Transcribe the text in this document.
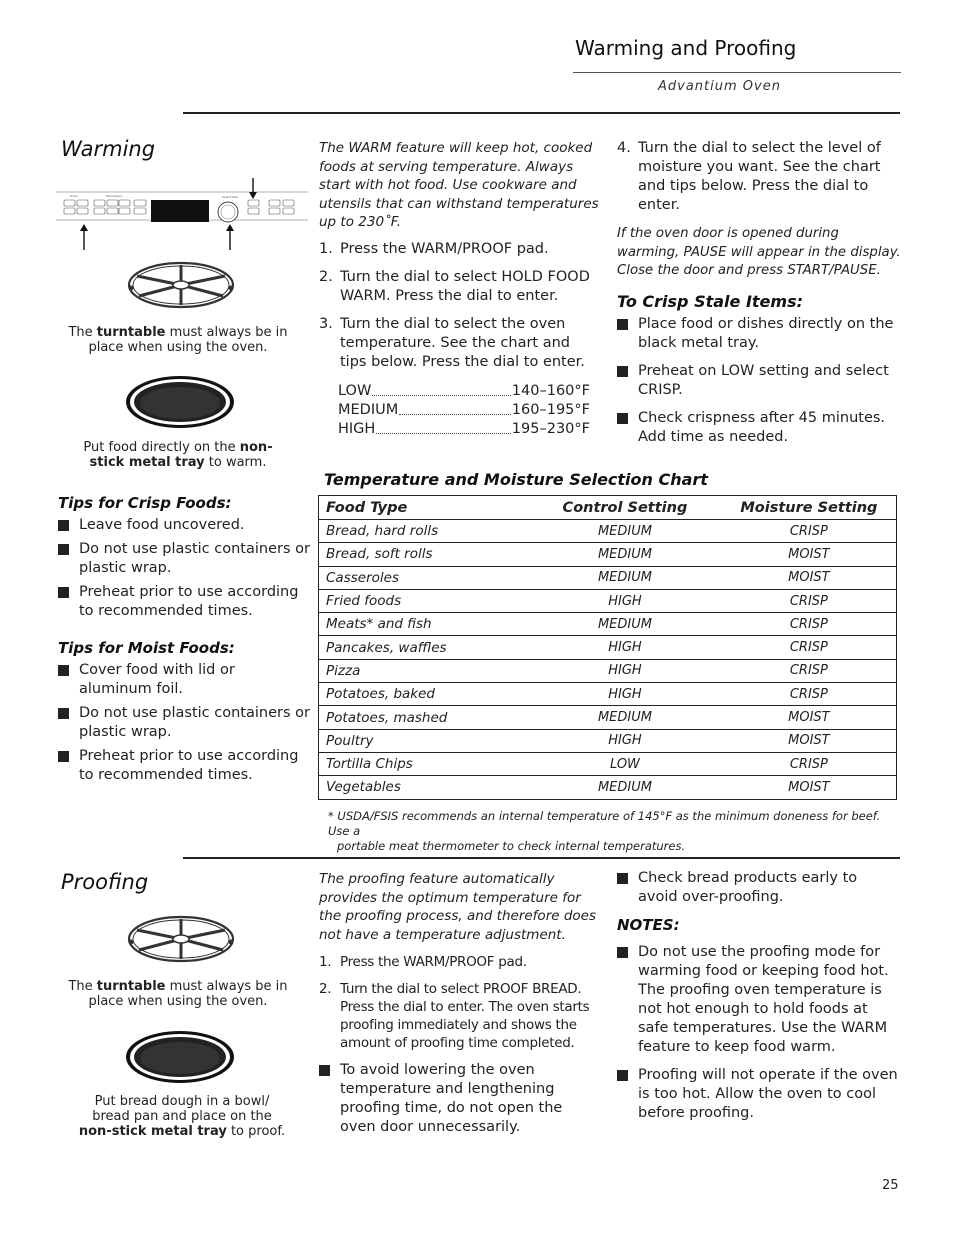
Warming and Proofing
Advantium Oven
Warming
Oven	Microwave	Select Dial
The turntable must always be in place when using the oven.
Put food directly on the non-stick metal tray to warm.
Tips for Crisp Foods:
Leave food uncovered.
Do not use plastic containers or plastic wrap.
Preheat prior to use according to recommended times.
Tips for Moist Foods:
Cover food with lid or aluminum foil.
Do not use plastic containers or plastic wrap.
Preheat prior to use according to recommended times.
The WARM feature will keep hot, cooked foods at serving temperature. Always start with hot food. Use cookware and utensils that can withstand temperatures up to 230˚F.
1. Press the WARM/PROOF pad.
2. Turn the dial to select HOLD FOOD WARM. Press the dial to enter.
3. Turn the dial to select the oven temperature. See the chart and tips below. Press the dial to enter.
LOW	140–160°F
MEDIUM	160–195°F
HIGH	195–230°F
4. Turn the dial to select the level of moisture you want. See the chart and tips below. Press the dial to enter.
If the oven door is opened during warming, PAUSE will appear in the display. Close the door and press START/PAUSE.
To Crisp Stale Items:
Place food or dishes directly on the black metal tray.
Preheat on LOW setting and select CRISP.
Check crispness after 45 minutes. Add time as needed.
Temperature and Moisture Selection Chart
Food Type	Control Setting	Moisture Setting
Bread, hard rolls	MEDIUM	CRISP
Bread, soft rolls	MEDIUM	MOIST
Casseroles	MEDIUM	MOIST
Fried foods	HIGH	CRISP
Meats* and fish	MEDIUM	CRISP
Pancakes, waffles	HIGH	CRISP
Pizza	HIGH	CRISP
Potatoes, baked	HIGH	CRISP
Potatoes, mashed	MEDIUM	MOIST
Poultry	HIGH	MOIST
Tortilla Chips	LOW	CRISP
Vegetables	MEDIUM	MOIST
* USDA/FSIS recommends an internal temperature of 145°F as the minimum doneness for beef. Use a
portable meat thermometer to check internal temperatures.
Proofing
The turntable must always be in place when using the oven.
Put bread dough in a bowl/ bread pan and place on the non-stick metal tray to proof.
The proofing feature automatically provides the optimum temperature for the proofing process, and therefore does not have a temperature adjustment.
1. Press the WARM/PROOF pad.
2. Turn the dial to select PROOF BREAD. Press the dial to enter. The oven starts proofing immediately and shows the amount of proofing time completed.
To avoid lowering the oven temperature and lengthening proofing time, do not open the oven door unnecessarily.
Check bread products early to avoid over-proofing.
NOTES:
Do not use the proofing mode for warming food or keeping food hot. The proofing oven temperature is not hot enough to hold foods at safe temperatures. Use the WARM feature to keep food warm.
Proofing will not operate if the oven is too hot. Allow the oven to cool before proofing.
25
